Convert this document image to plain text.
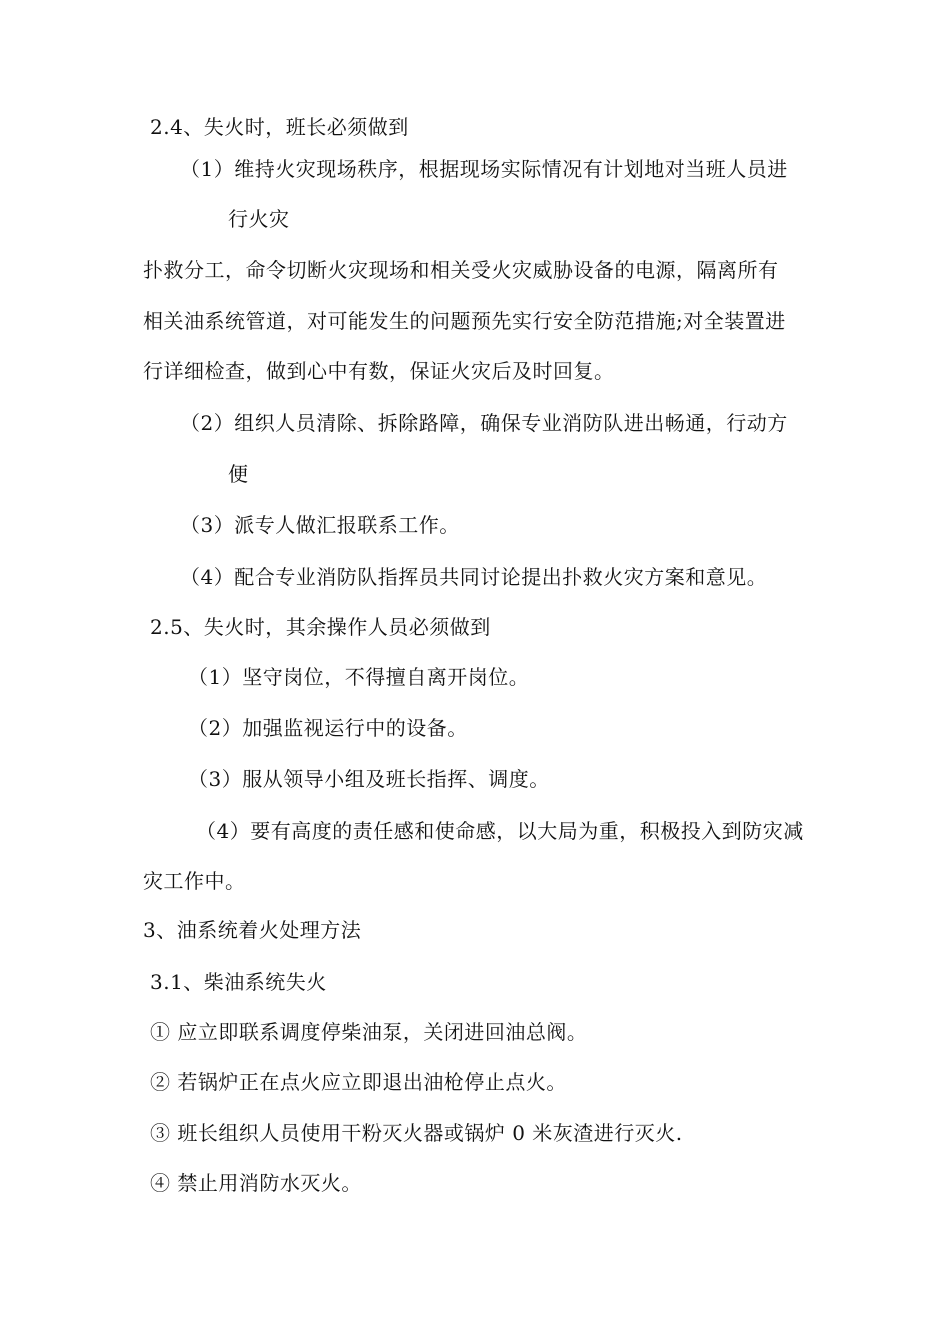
2.4、失火时，班长必须做到

（1）维持火灾现场秩序，根据现场实际情况有计划地对当班人员进

行火灾

扑救分工，命令切断火灾现场和相关受火灾威胁设备的电源，隔离所有

相关油系统管道，对可能发生的问题预先实行安全防范措施;对全装置进

行详细检查，做到心中有数，保证火灾后及时回复。

（2）组织人员清除、拆除路障，确保专业消防队进出畅通，行动方

便

（3）派专人做汇报联系工作。

（4）配合专业消防队指挥员共同讨论提出扑救火灾方案和意见。

2.5、失火时，其余操作人员必须做到

（1）坚守岗位，不得擅自离开岗位。

（2）加强监视运行中的设备。

（3）服从领导小组及班长指挥、调度。

（4）要有高度的责任感和使命感，以大局为重，积极投入到防灾减

灾工作中。

3、油系统着火处理方法

3.1、柴油系统失火

① 应立即联系调度停柴油泵，关闭进回油总阀。

② 若锅炉正在点火应立即退出油枪停止点火。

③ 班长组织人员使用干粉灭火器或锅炉 0 米灰渣进行灭火.

④ 禁止用消防水灭火。
